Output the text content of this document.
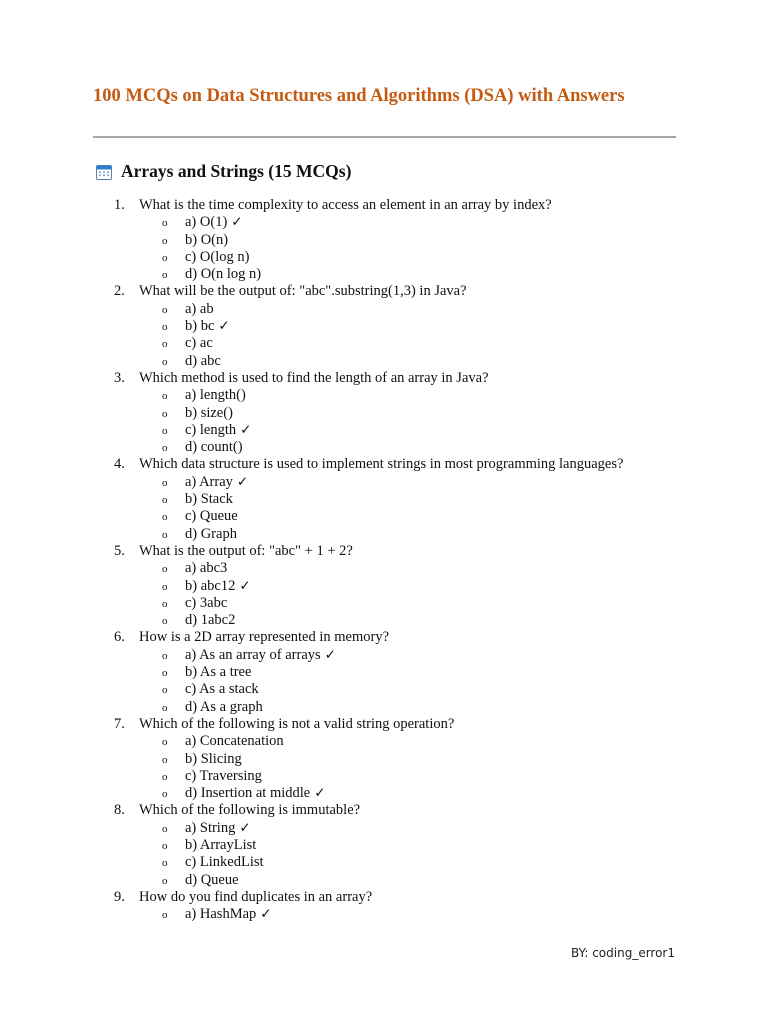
100 MCQs on Data Structures and Algorithms (DSA) with Answers
Arrays and Strings (15 MCQs)
1. What is the time complexity to access an element in an array by index?
o a) O(1) ✓
o b) O(n)
o c) O(log n)
o d) O(n log n)
2. What will be the output of: "abc".substring(1,3) in Java?
o a) ab
o b) bc ✓
o c) ac
o d) abc
3. Which method is used to find the length of an array in Java?
o a) length()
o b) size()
o c) length ✓
o d) count()
4. Which data structure is used to implement strings in most programming languages?
o a) Array ✓
o b) Stack
o c) Queue
o d) Graph
5. What is the output of: "abc" + 1 + 2?
o a) abc3
o b) abc12 ✓
o c) 3abc
o d) 1abc2
6. How is a 2D array represented in memory?
o a) As an array of arrays ✓
o b) As a tree
o c) As a stack
o d) As a graph
7. Which of the following is not a valid string operation?
o a) Concatenation
o b) Slicing
o c) Traversing
o d) Insertion at middle ✓
8. Which of the following is immutable?
o a) String ✓
o b) ArrayList
o c) LinkedList
o d) Queue
9. How do you find duplicates in an array?
o a) HashMap ✓
BY: coding_error1
